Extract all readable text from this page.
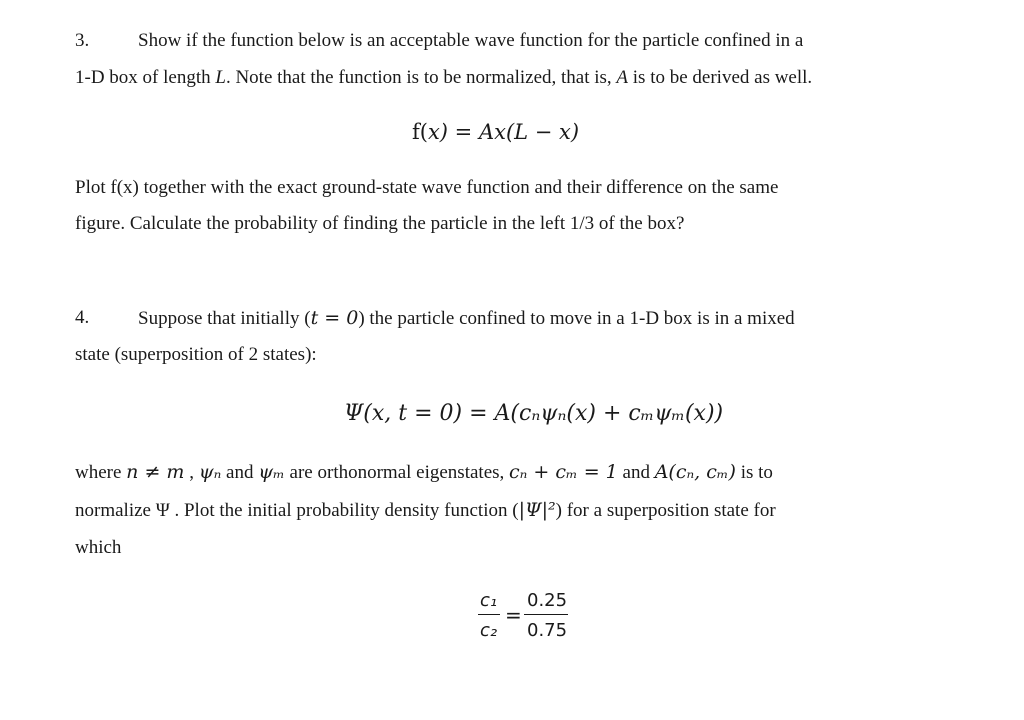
3.	Show if the function below is an acceptable wave function for the particle confined in a
1-D box of length L. Note that the function is to be normalized, that is, A is to be derived as well.
f(x) = Ax(L − x)
Plot f(x) together with the exact ground-state wave function and their difference on the same
figure. Calculate the probability of finding the particle in the left 1/3 of the box?
4.	Suppose that initially (t = 0) the particle confined to move in a 1-D box is in a mixed
state (superposition of 2 states):
Ψ(x, t = 0) = A(cₙψₙ(x) + cₘψₘ(x))
where n ≠ m , ψₙ and ψₘ are orthonormal eigenstates, cₙ + cₘ = 1 and A(cₙ, cₘ) is to
normalize Ψ . Plot the initial probability density function (|Ψ|²) for a superposition state for
which
c₁
c₂
=
0.25
0.75
